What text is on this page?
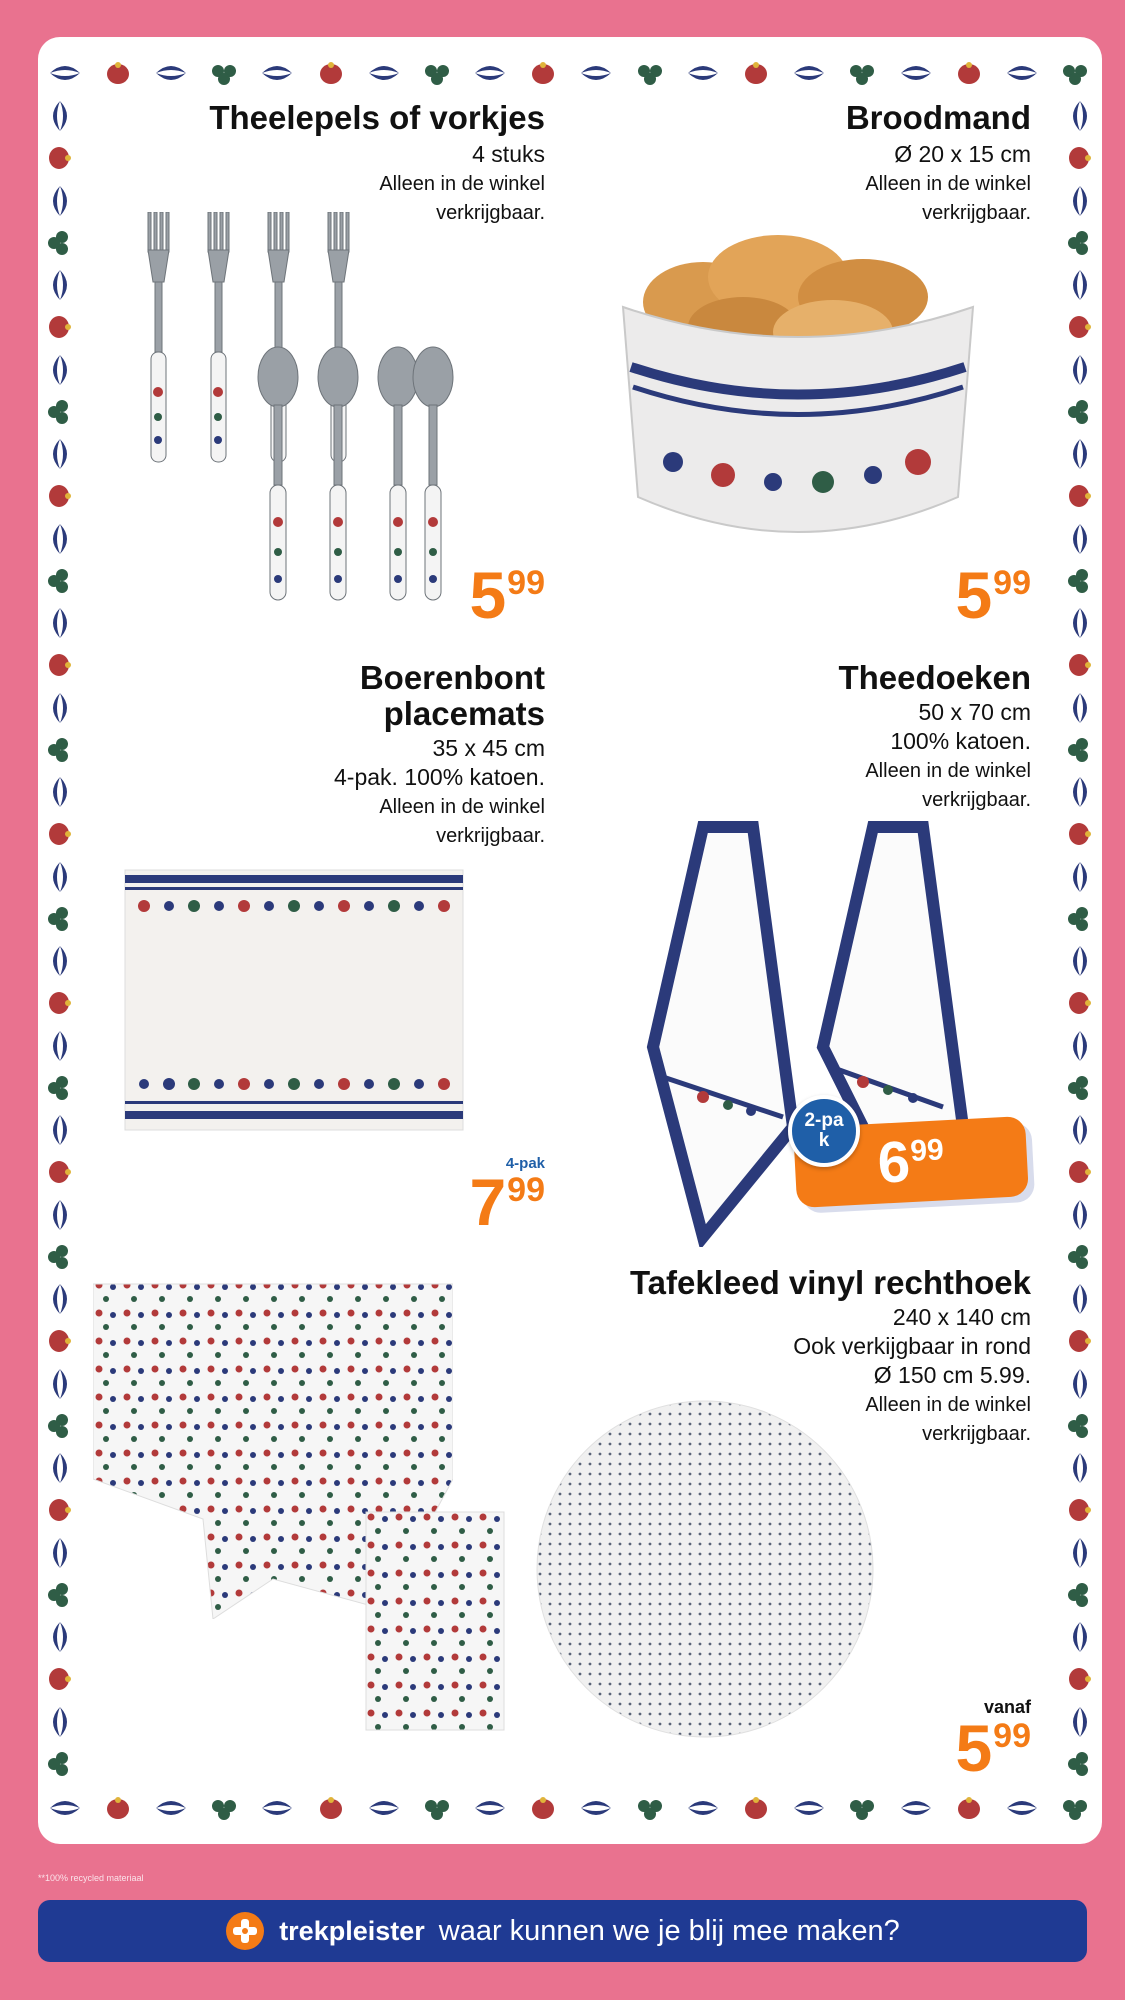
Theelepels of vorkjes
4 stuks
Alleen in de winkel
verkrijgbaar.
5 99
Broodmand
Ø 20 x 15 cm
Alleen in de winkel
verkrijgbaar.
5 99
Boerenbont
placemats
35 x 45 cm
4-pak. 100% katoen.
Alleen in de winkel
verkrijgbaar.
4-pak
7 99
Theedoeken
50 x 70 cm
100% katoen.
Alleen in de winkel
verkrijgbaar.
2-pak 6
99
Tafekleed vinyl rechthoek
240 x 140 cm
Ook verkijgbaar in rond
Ø 150 cm 5.99.
Alleen in de winkel
verkrijgbaar.
vanaf
5 99
**100% recycled materiaal
trekpleister waar kunnen we je blij mee maken?
